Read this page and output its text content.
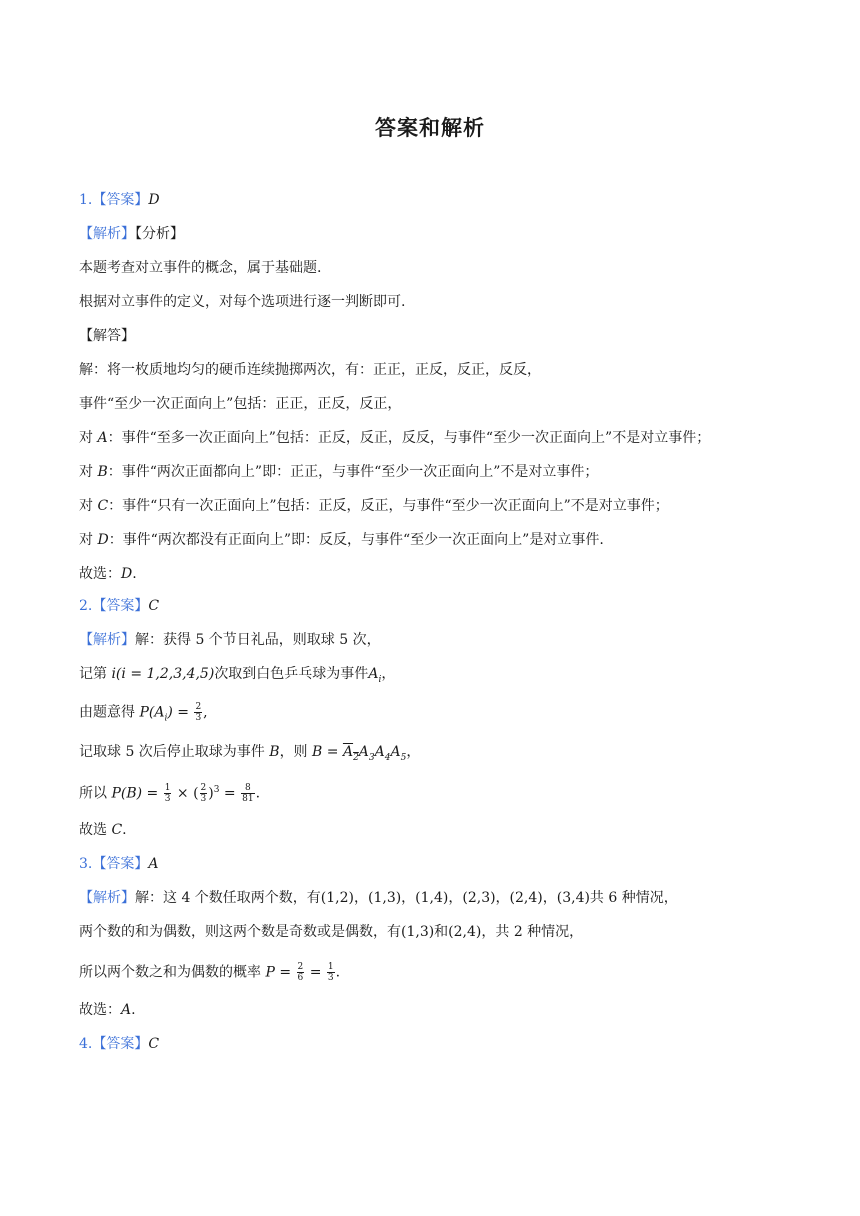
答案和解析
1.【答案】D
【解析】【分析】
本题考查对立事件的概念，属于基础题.
根据对立事件的定义，对每个选项进行逐一判断即可.
【解答】
解：将一枚质地均匀的硬币连续抛掷两次，有：正正，正反，反正，反反，
事件“至少一次正面向上”包括：正正，正反，反正，
对 A：事件“至多一次正面向上”包括：正反，反正，反反，与事件“至少一次正面向上”不是对立事件；
对 B：事件“两次正面都向上”即：正正，与事件“至少一次正面向上”不是对立事件；
对 C：事件“只有一次正面向上”包括：正反，反正，与事件“至少一次正面向上”不是对立事件；
对 D：事件“两次都没有正面向上”即：反反，与事件“至少一次正面向上”是对立事件.
故选：D.
2.【答案】C
【解析】解：获得 5 个节日礼品，则取球 5 次，
记第 i(i = 1,2,3,4,5)次取到白色乒乓球为事件$A_i$，
由题意得 $P(A_i) = \frac{2}{3}$ ,
记取球 5 次后停止取球为事件 B，则 $B = A_2A_3A_4A_5$，
所以 $P(B) = \frac{1}{3}$ × ( $\frac{2}{3} )^3 = \frac{8}{81}$ .
故选 C.
3.【答案】A
【解析】解：这 4 个数任取两个数，有(1,2)，(1,3)，(1,4)，(2,3)，(2,4)，(3,4)共 6 种情况，
两个数的和为偶数，则这两个数是奇数或是偶数，有(1,3)和(2,4)，共 2 种情况，
所以两个数之和为偶数的概率 $P = \frac{2}{6} = \frac{1}{3}$ .
故选：A.
4.【答案】C
